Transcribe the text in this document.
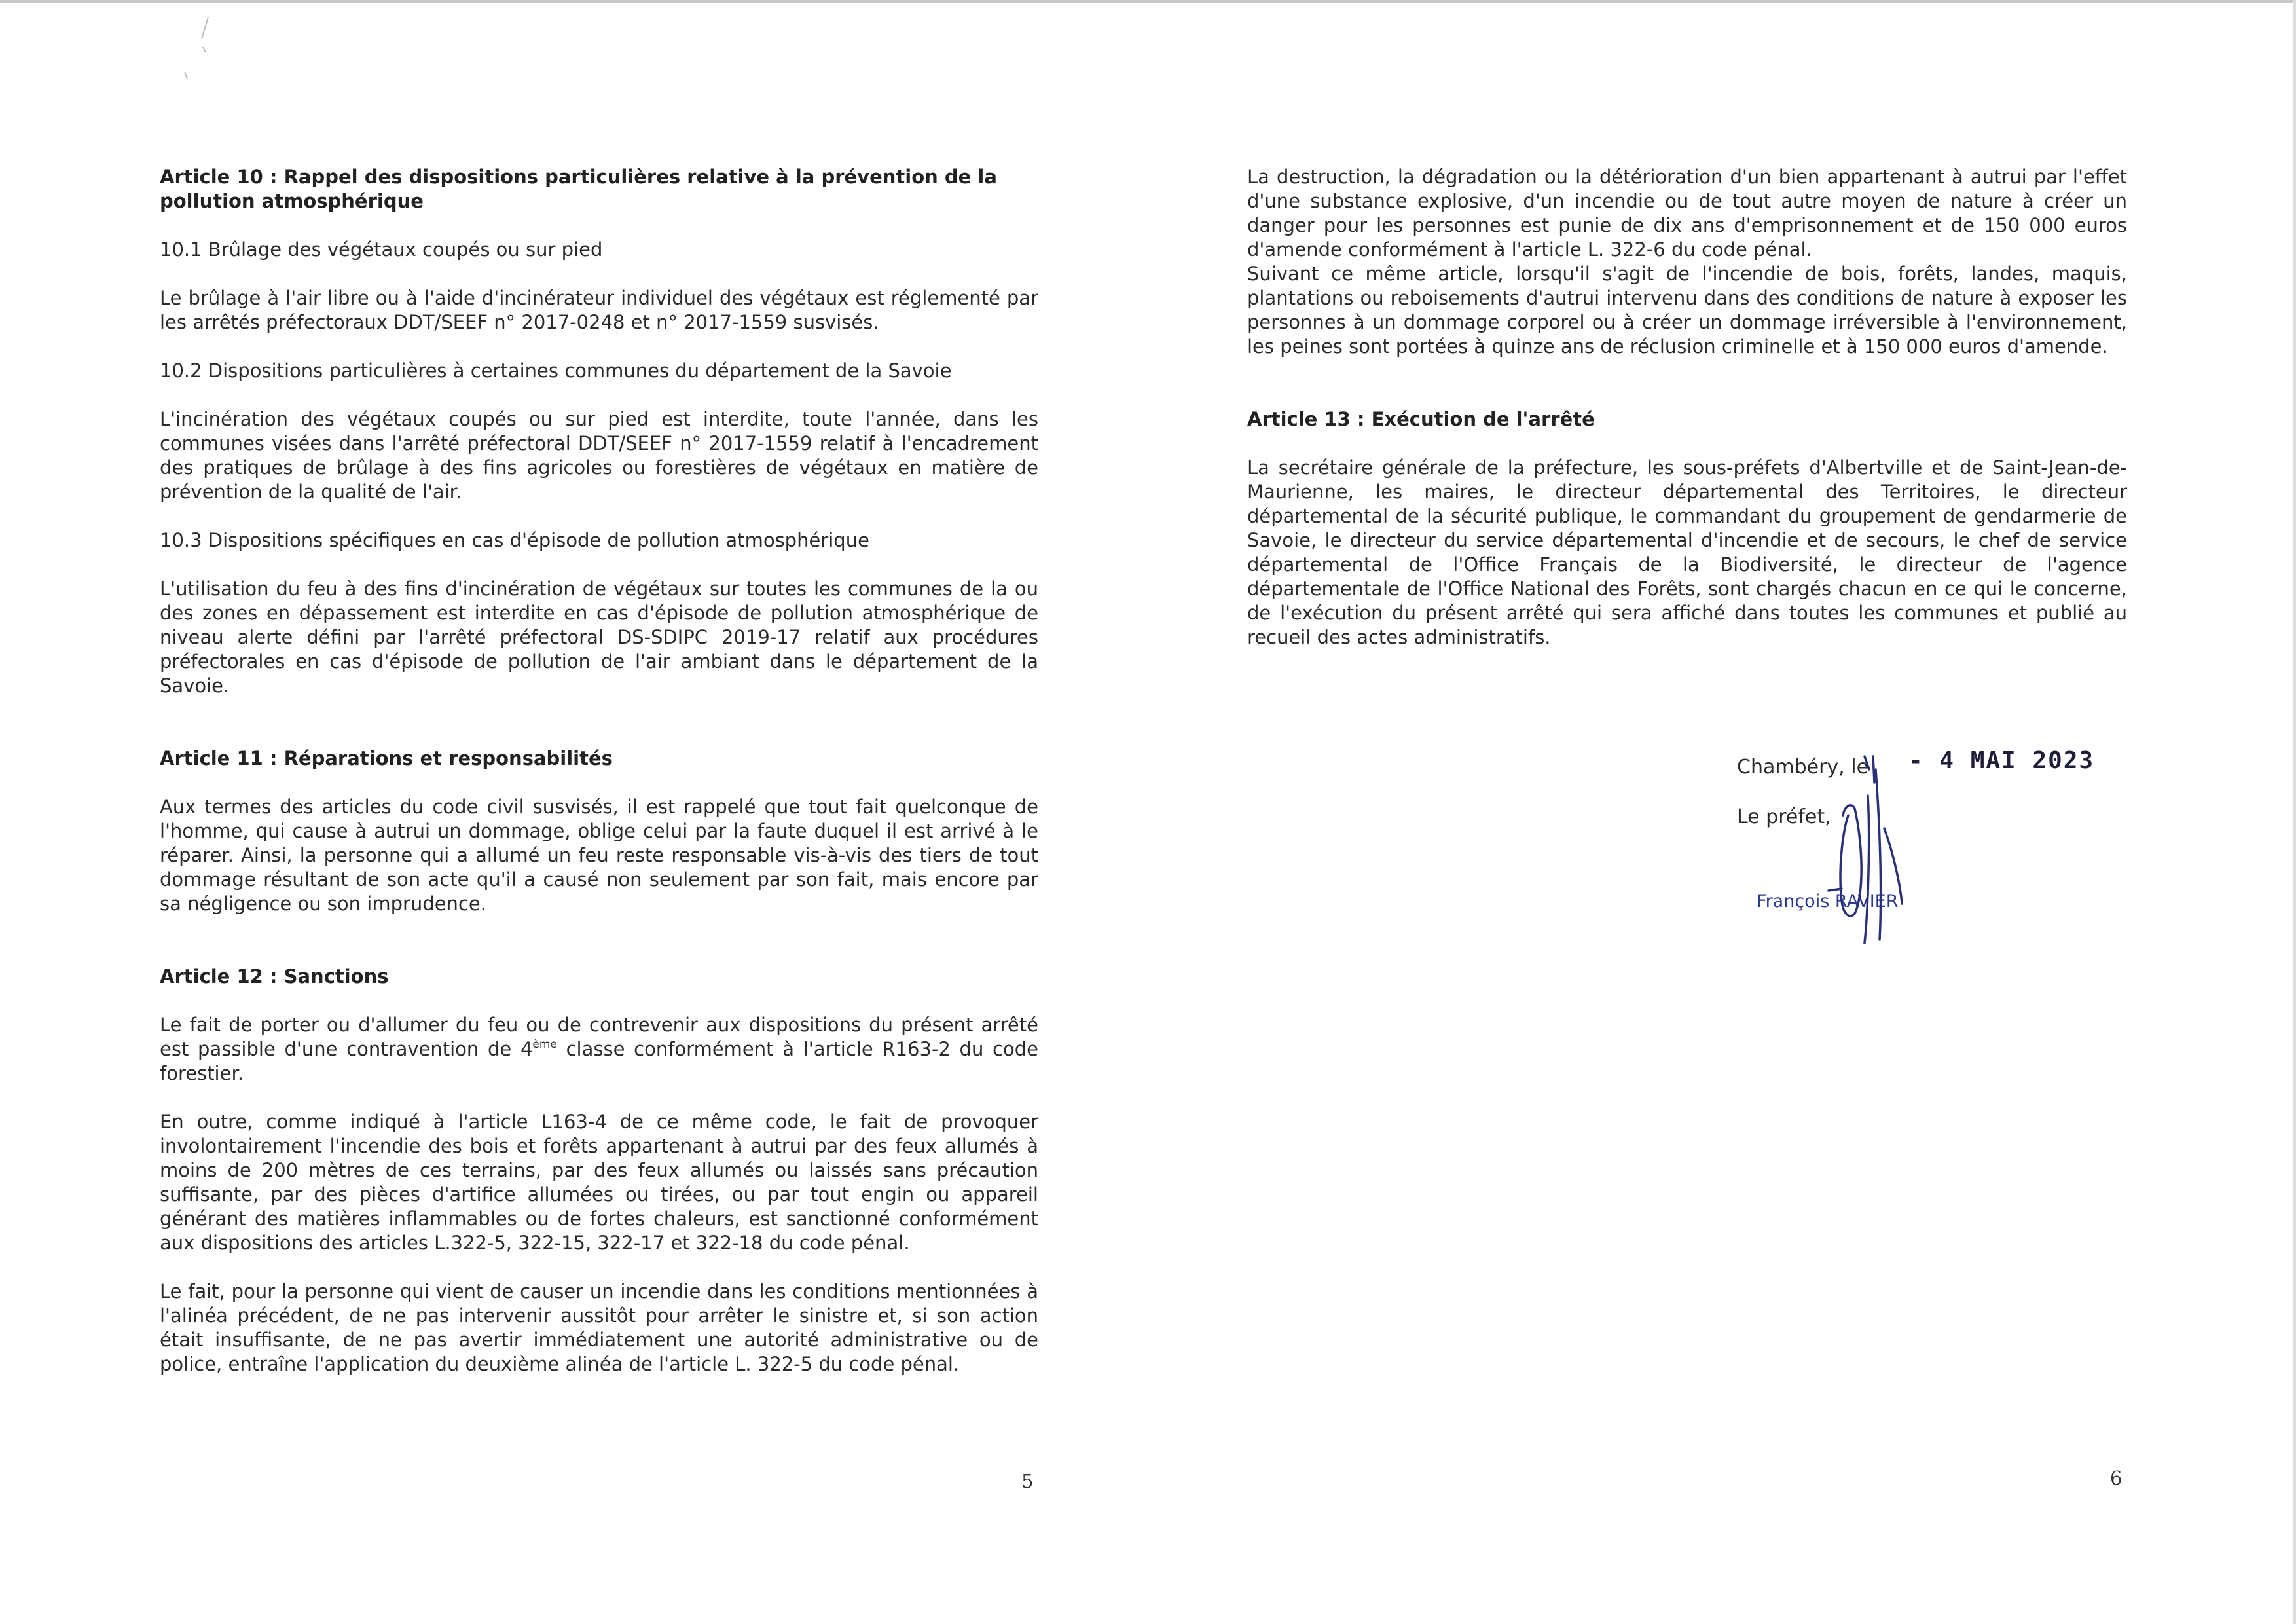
Article 10 : Rappel des dispositions particulières relative à la prévention de la pollution atmosphérique
10.1 Brûlage des végétaux coupés ou sur pied

Le brûlage à l'air libre ou à l'aide d'incinérateur individuel des végétaux est réglementé par les arrêtés préfectoraux DDT/SEEF n° 2017-0248 et n° 2017-1559 susvisés.

10.2 Dispositions particulières à certaines communes du département de la Savoie

L'incinération des végétaux coupés ou sur pied est interdite, toute l'année, dans les communes visées dans l'arrêté préfectoral DDT/SEEF n° 2017-1559 relatif à l'encadrement des pratiques de brûlage à des fins agricoles ou forestières de végétaux en matière de prévention de la qualité de l'air.

10.3 Dispositions spécifiques en cas d'épisode de pollution atmosphérique

L'utilisation du feu à des fins d'incinération de végétaux sur toutes les communes de la ou des zones en dépassement est interdite en cas d'épisode de pollution atmosphérique de niveau alerte défini par l'arrêté préfectoral DS-SDIPC 2019-17 relatif aux procédures préfectorales en cas d'épisode de pollution de l'air ambiant dans le département de la Savoie.

Article 11 : Réparations et responsabilités

Aux termes des articles du code civil susvisés, il est rappelé que tout fait quelconque de l'homme, qui cause à autrui un dommage, oblige celui par la faute duquel il est arrivé à le réparer. Ainsi, la personne qui a allumé un feu reste responsable vis-à-vis des tiers de tout dommage résultant de son acte qu'il a causé non seulement par son fait, mais encore par sa négligence ou son imprudence.

Article 12 : Sanctions

Le fait de porter ou d'allumer du feu ou de contrevenir aux dispositions du présent arrêté est passible d'une contravention de 4ème classe conformément à l'article R163-2 du code forestier.

En outre, comme indiqué à l'article L163-4 de ce même code, le fait de provoquer involontairement l'incendie des bois et forêts appartenant à autrui par des feux allumés à moins de 200 mètres de ces terrains, par des feux allumés ou laissés sans précaution suffisante, par des pièces d'artifice allumées ou tirées, ou par tout engin ou appareil générant des matières inflammables ou de fortes chaleurs, est sanctionné conformément aux dispositions des articles L.322-5, 322-15, 322-17 et 322-18 du code pénal.

Le fait, pour la personne qui vient de causer un incendie dans les conditions mentionnées à l'alinéa précédent, de ne pas intervenir aussitôt pour arrêter le sinistre et, si son action était insuffisante, de ne pas avertir immédiatement une autorité administrative ou de police, entraîne l'application du deuxième alinéa de l'article L. 322-5 du code pénal.

5

La destruction, la dégradation ou la détérioration d'un bien appartenant à autrui par l'effet d'une substance explosive, d'un incendie ou de tout autre moyen de nature à créer un danger pour les personnes est punie de dix ans d'emprisonnement et de 150 000 euros d'amende conformément à l'article L. 322-6 du code pénal.

Suivant ce même article, lorsqu'il s'agit de l'incendie de bois, forêts, landes, maquis, plantations ou reboisements d'autrui intervenu dans des conditions de nature à exposer les personnes à un dommage corporel ou à créer un dommage irréversible à l'environnement, les peines sont portées à quinze ans de réclusion criminelle et à 150 000 euros d'amende.

Article 13 : Exécution de l'arrêté

La secrétaire générale de la préfecture, les sous-préfets d'Albertville et de Saint-Jean-de-Maurienne, les maires, le directeur départemental des Territoires, le directeur départemental de la sécurité publique, le commandant du groupement de gendarmerie de Savoie, le directeur du service départemental d'incendie et de secours, le chef de service départemental de l'Office Français de la Biodiversité, le directeur de l'agence départementale de l'Office National des Forêts, sont chargés chacun en ce qui le concerne, de l'exécution du présent arrêté qui sera affiché dans toutes les communes et publié au recueil des actes administratifs.

Chambéry, le - 4 MAI 2023
Le préfet,
François RAVIER
6
